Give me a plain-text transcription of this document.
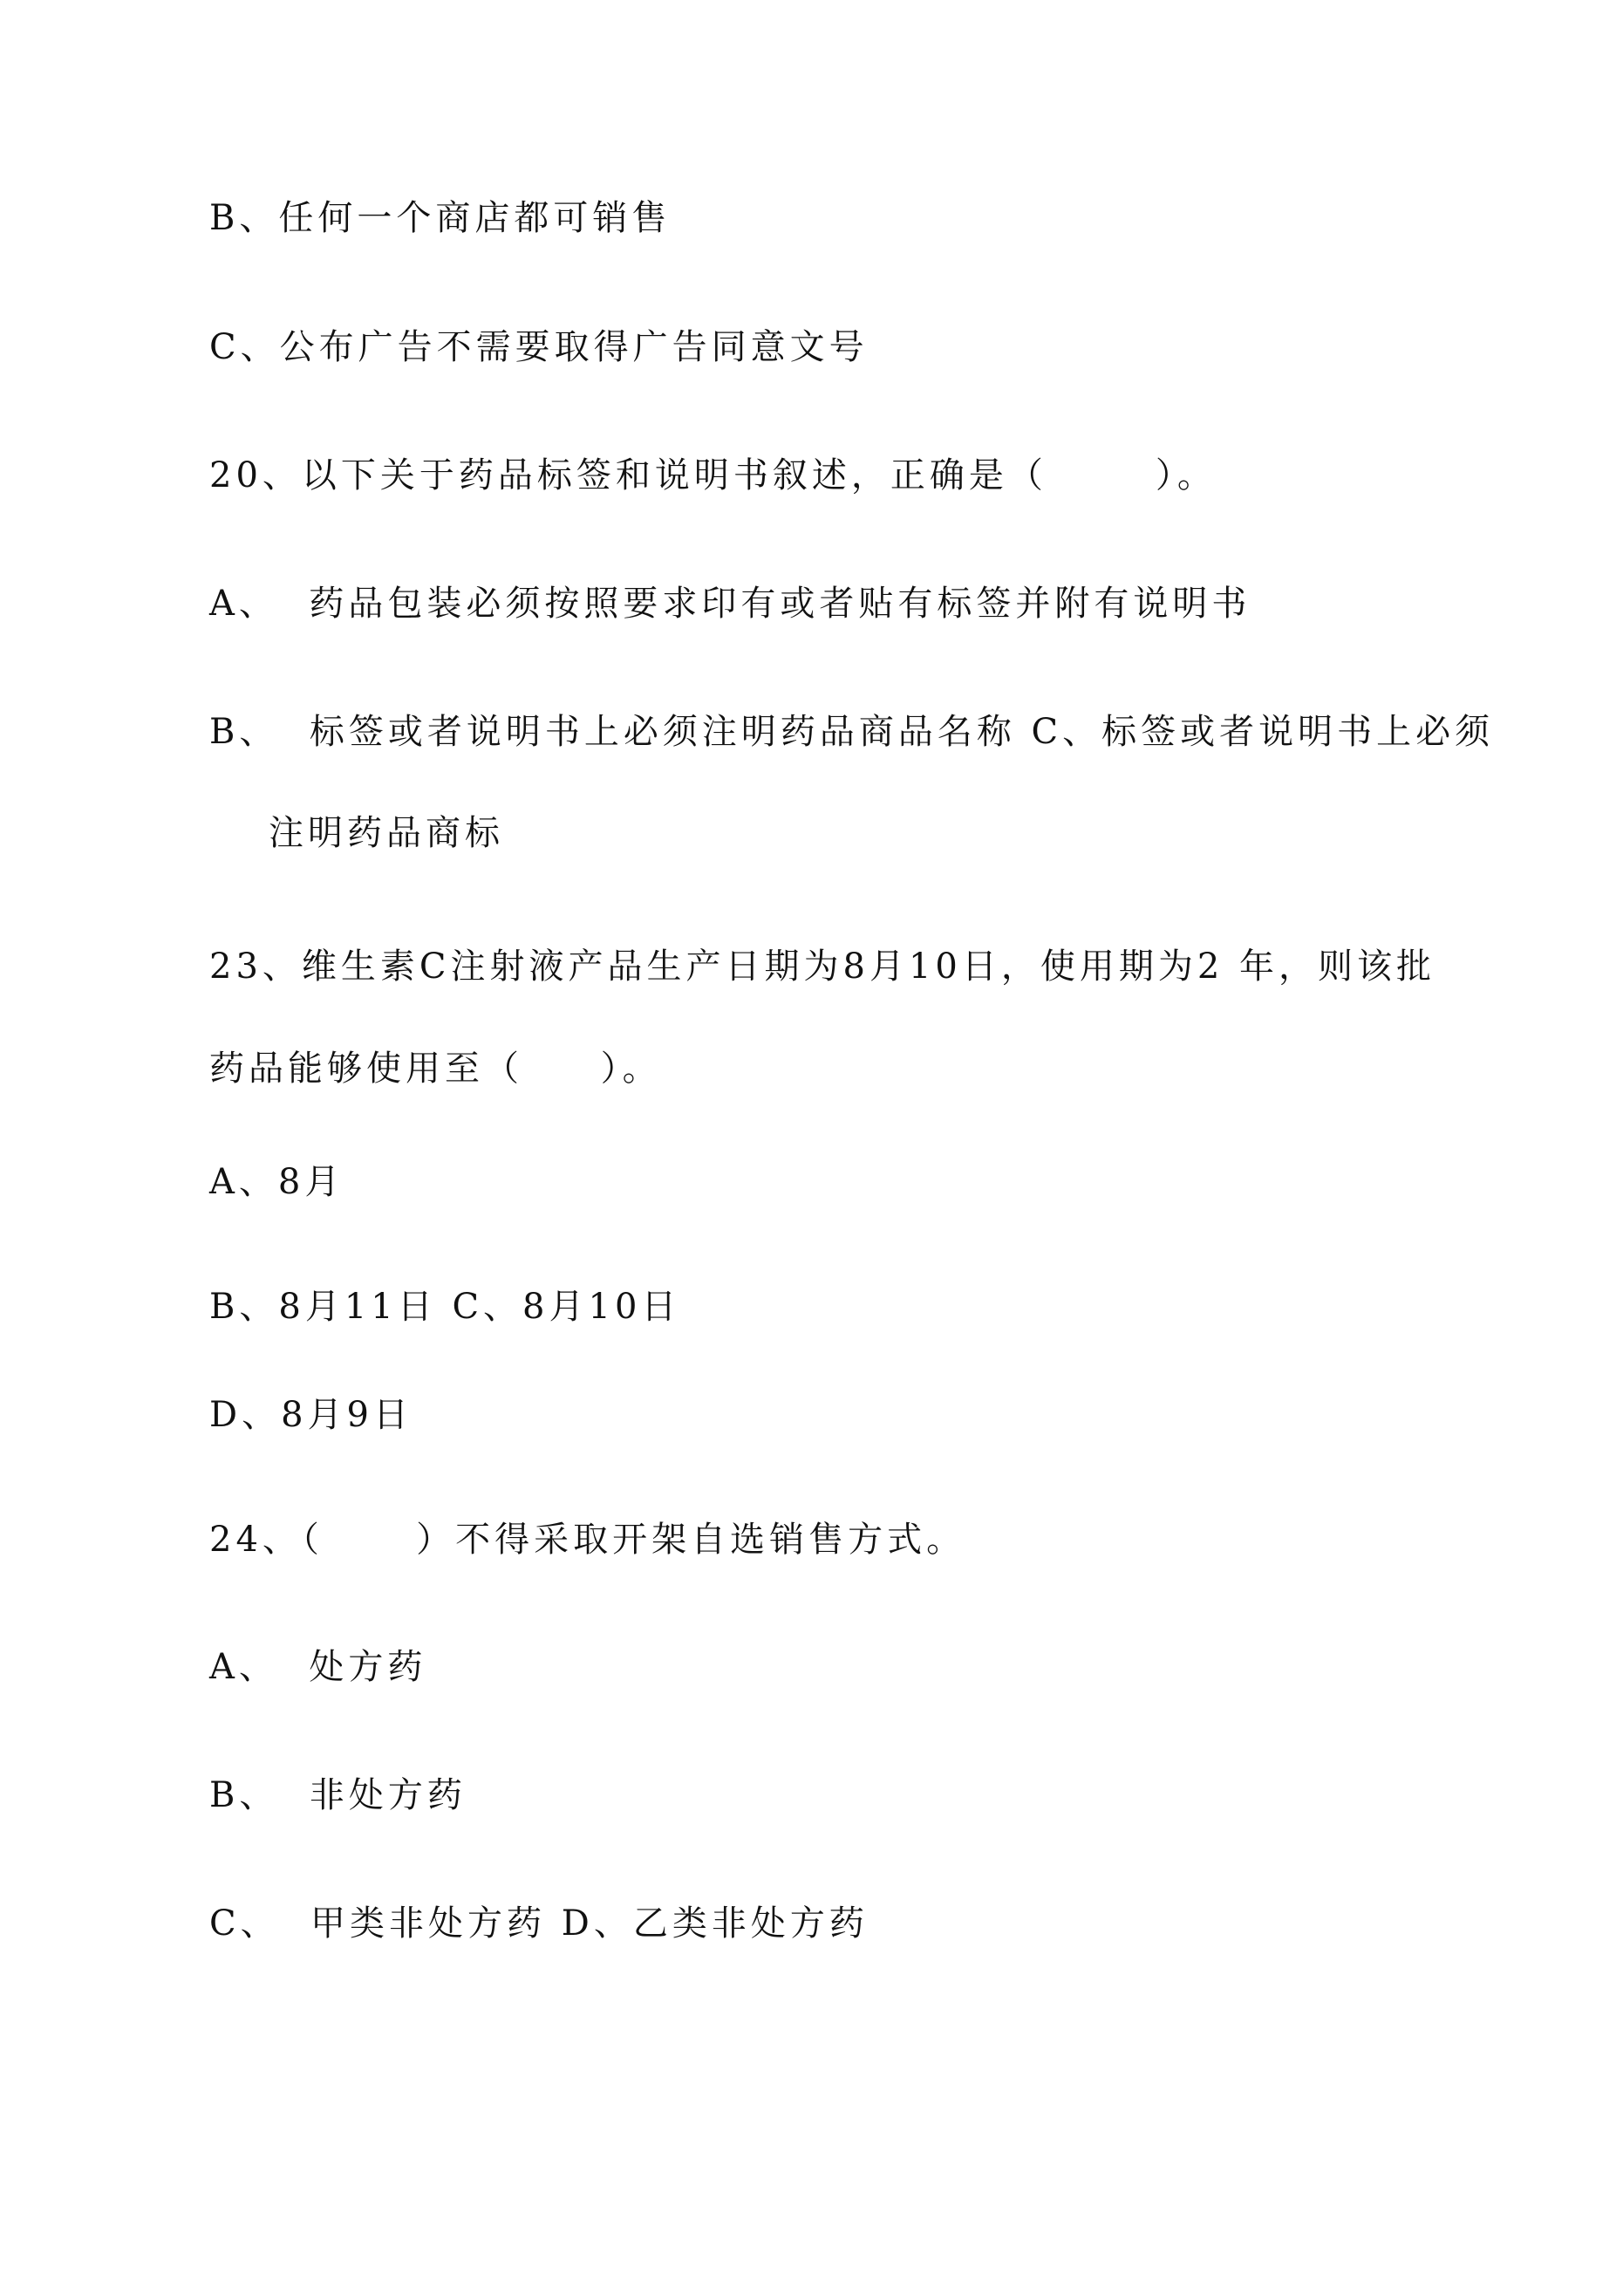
B、任何一个商店都可销售
C、公布广告不需要取得广告同意文号
20、以下关于药品标签和说明书叙述，正确是（       ）。
A、  药品包装必须按照要求印有或者贴有标签并附有说明书
B、  标签或者说明书上必须注明药品商品名称 C、标签或者说明书上必须
注明药品商标
23、维生素C注射液产品生产日期为8月10日，使用期为2 年，则该批
药品能够使用至（     ）。
A、8月
B、8月11日 C、8月10日
D、8月9日
24、（      ）不得采取开架自选销售方式。
A、  处方药
B、  非处方药
C、  甲类非处方药 D、乙类非处方药
